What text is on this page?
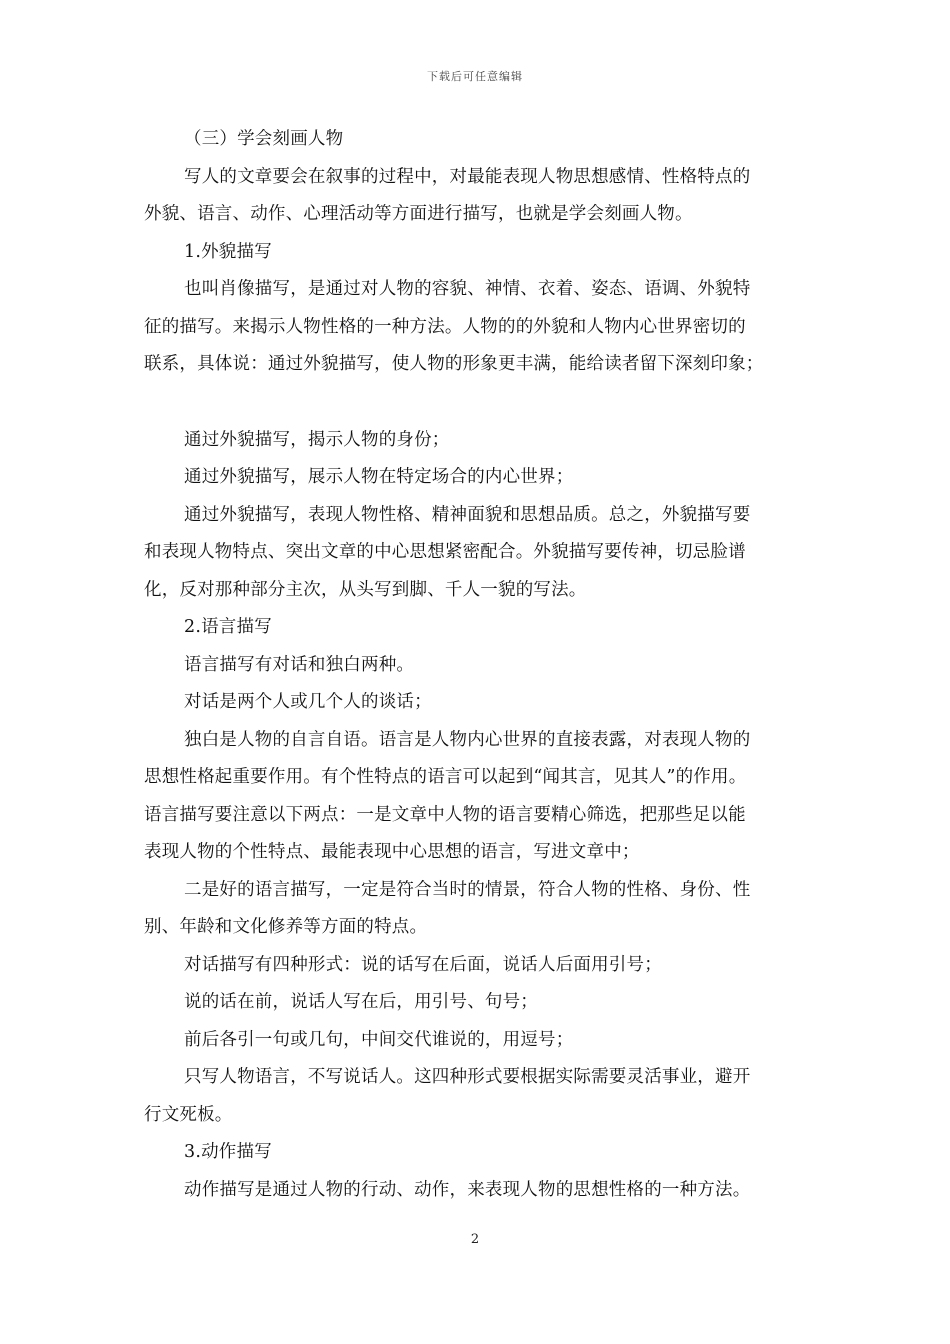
下载后可任意编辑
（三）学会刻画人物
写人的文章要会在叙事的过程中，对最能表现人物思想感情、性格特点的
外貌、语言、动作、心理活动等方面进行描写，也就是学会刻画人物。
1.外貌描写
也叫肖像描写，是通过对人物的容貌、神情、衣着、姿态、语调、外貌特
征的描写。来揭示人物性格的一种方法。人物的的外貌和人物内心世界密切的
联系，具体说：通过外貌描写，使人物的形象更丰满，能给读者留下深刻印象；
通过外貌描写，揭示人物的身份；
通过外貌描写，展示人物在特定场合的内心世界；
通过外貌描写，表现人物性格、精神面貌和思想品质。总之，外貌描写要
和表现人物特点、突出文章的中心思想紧密配合。外貌描写要传神，切忌脸谱
化，反对那种部分主次，从头写到脚、千人一貌的写法。
2.语言描写
语言描写有对话和独白两种。
对话是两个人或几个人的谈话；
独白是人物的自言自语。语言是人物内心世界的直接表露，对表现人物的
思想性格起重要作用。有个性特点的语言可以起到“闻其言，见其人”的作用。
语言描写要注意以下两点：一是文章中人物的语言要精心筛选，把那些足以能
表现人物的个性特点、最能表现中心思想的语言，写进文章中；
二是好的语言描写，一定是符合当时的情景，符合人物的性格、身份、性
别、年龄和文化修养等方面的特点。
对话描写有四种形式：说的话写在后面，说话人后面用引号；
说的话在前，说话人写在后，用引号、句号；
前后各引一句或几句，中间交代谁说的，用逗号；
只写人物语言，不写说话人。这四种形式要根据实际需要灵活事业，避开
行文死板。
3.动作描写
动作描写是通过人物的行动、动作，来表现人物的思想性格的一种方法。
2
